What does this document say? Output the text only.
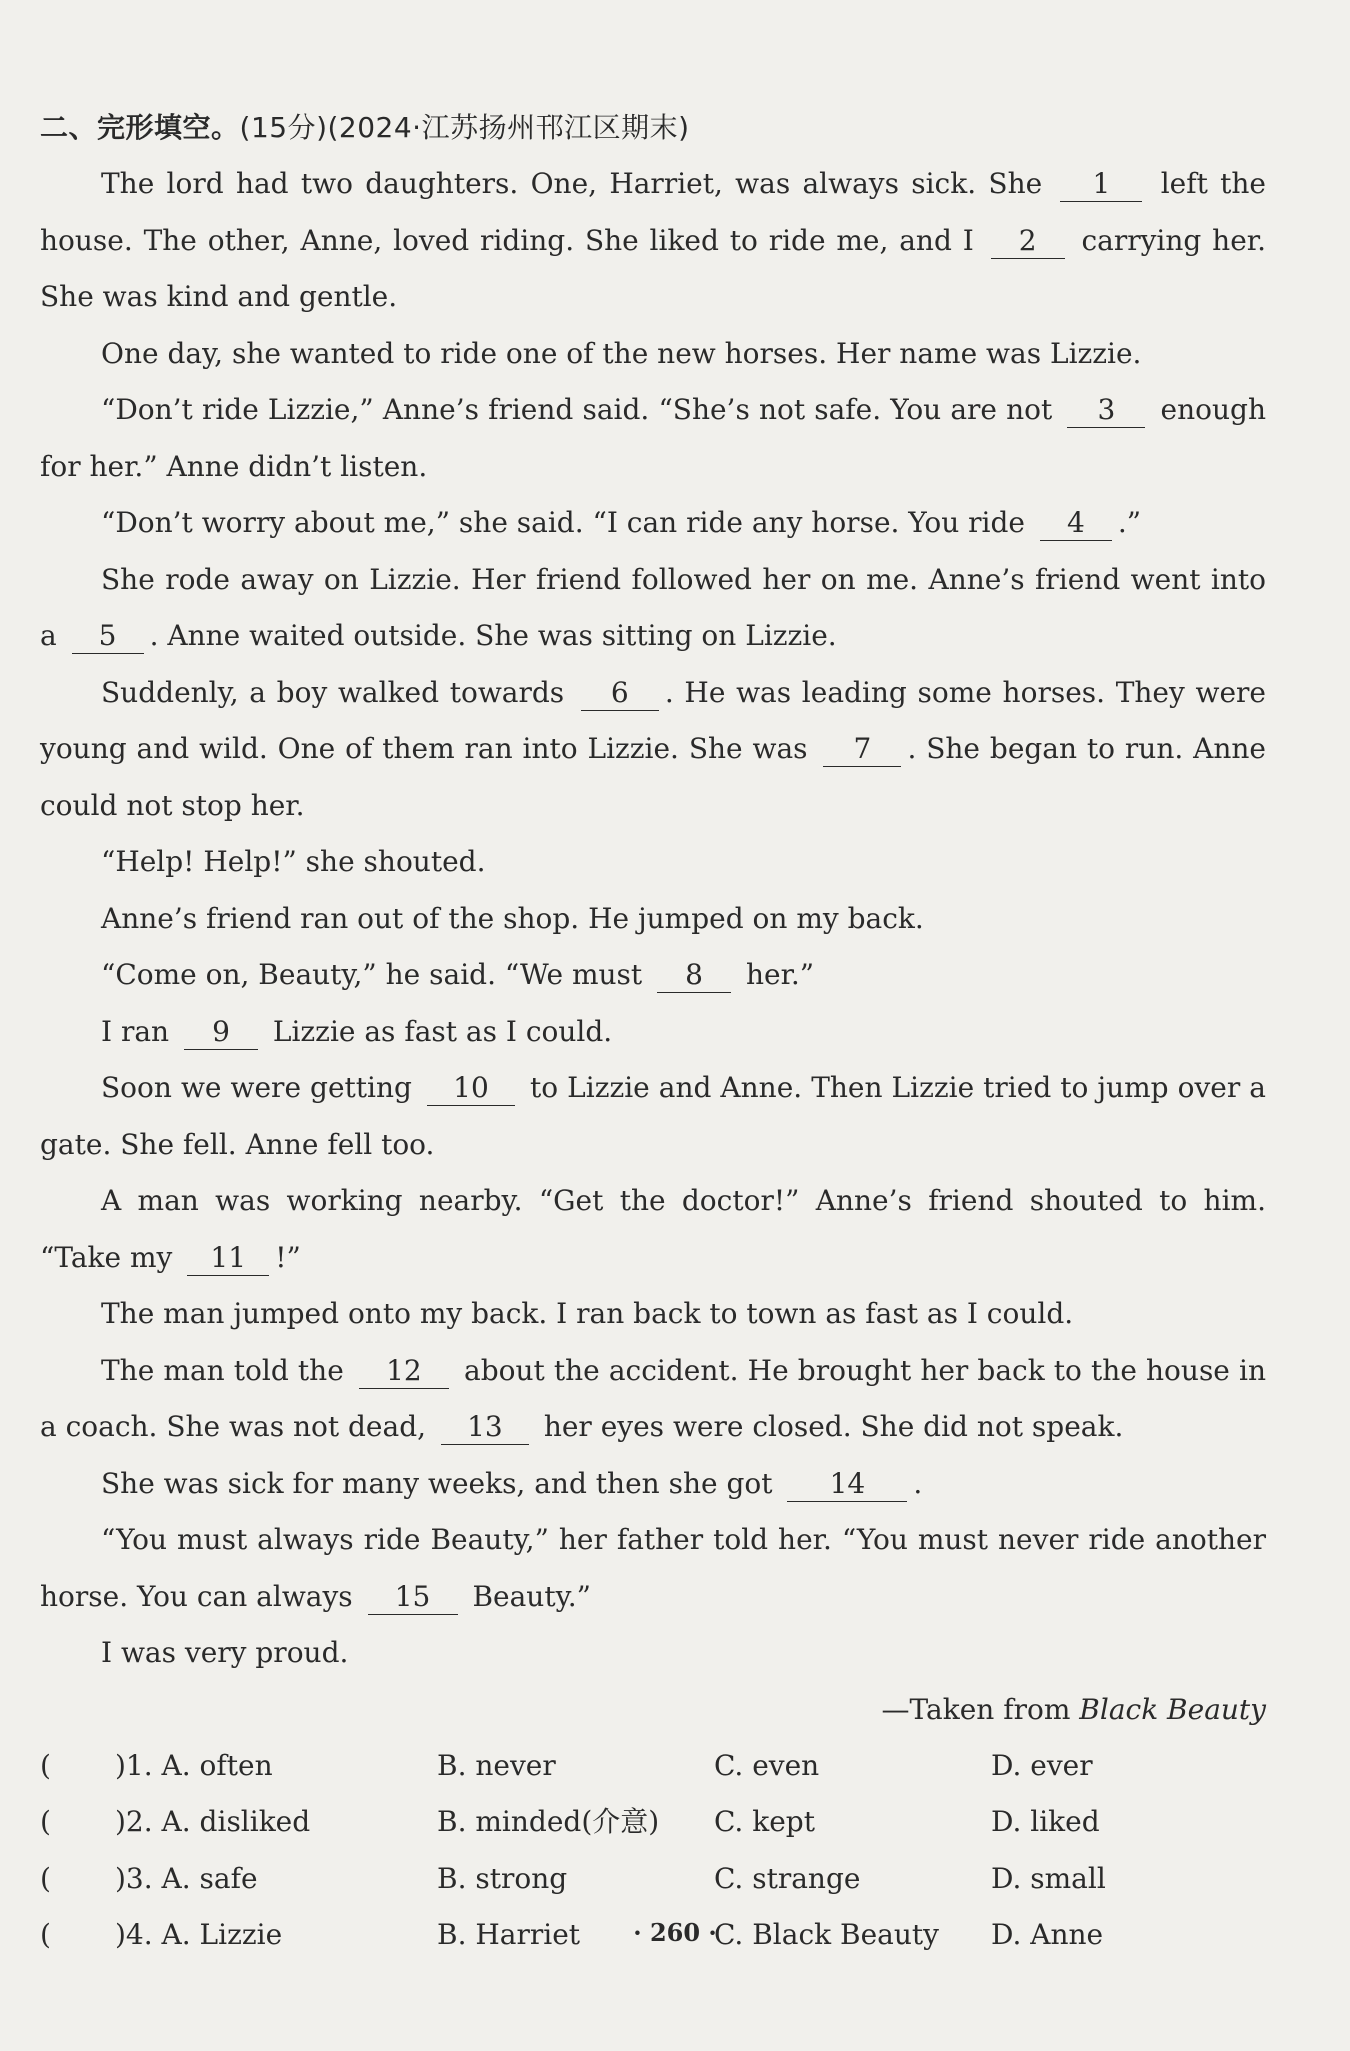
二、完形填空。(15分)(2024·江苏扬州邗江区期末)

The lord had two daughters. One, Harriet, was always sick. She 1 left the house. The other, Anne, loved riding. She liked to ride me, and I 2 carrying her. She was kind and gentle.

One day, she wanted to ride one of the new horses. Her name was Lizzie.

“Don’t ride Lizzie,” Anne’s friend said. “She’s not safe. You are not 3 enough for her.” Anne didn’t listen.

“Don’t worry about me,” she said. “I can ride any horse. You ride 4 .”

She rode away on Lizzie. Her friend followed her on me. Anne’s friend went into a 5 . Anne waited outside. She was sitting on Lizzie.

Suddenly, a boy walked towards 6 . He was leading some horses. They were young and wild. One of them ran into Lizzie. She was 7 . She began to run. Anne could not stop her.

“Help! Help!” she shouted.

Anne’s friend ran out of the shop. He jumped on my back.

“Come on, Beauty,” he said. “We must 8 her.”

I ran 9 Lizzie as fast as I could.

Soon we were getting 10 to Lizzie and Anne. Then Lizzie tried to jump over a gate. She fell. Anne fell too.

A man was working nearby. “Get the doctor!” Anne’s friend shouted to him. “Take my 11 !”

The man jumped onto my back. I ran back to town as fast as I could.

The man told the 12 about the accident. He brought her back to the house in a coach. She was not dead, 13 her eyes were closed. She did not speak.

She was sick for many weeks, and then she got 14 .

“You must always ride Beauty,” her father told her. “You must never ride another horse. You can always 15 Beauty.”

I was very proud.

—Taken from Black Beauty
( )1. A. often	B. never	C. even	D. ever
( )2. A. disliked	B. minded(介意) C. kept	D. liked
( )3. A. safe	B. strong	C. strange	D. small
( )4. A. Lizzie	B. Harriet	C. Black Beauty D. Anne
· 260 ·
